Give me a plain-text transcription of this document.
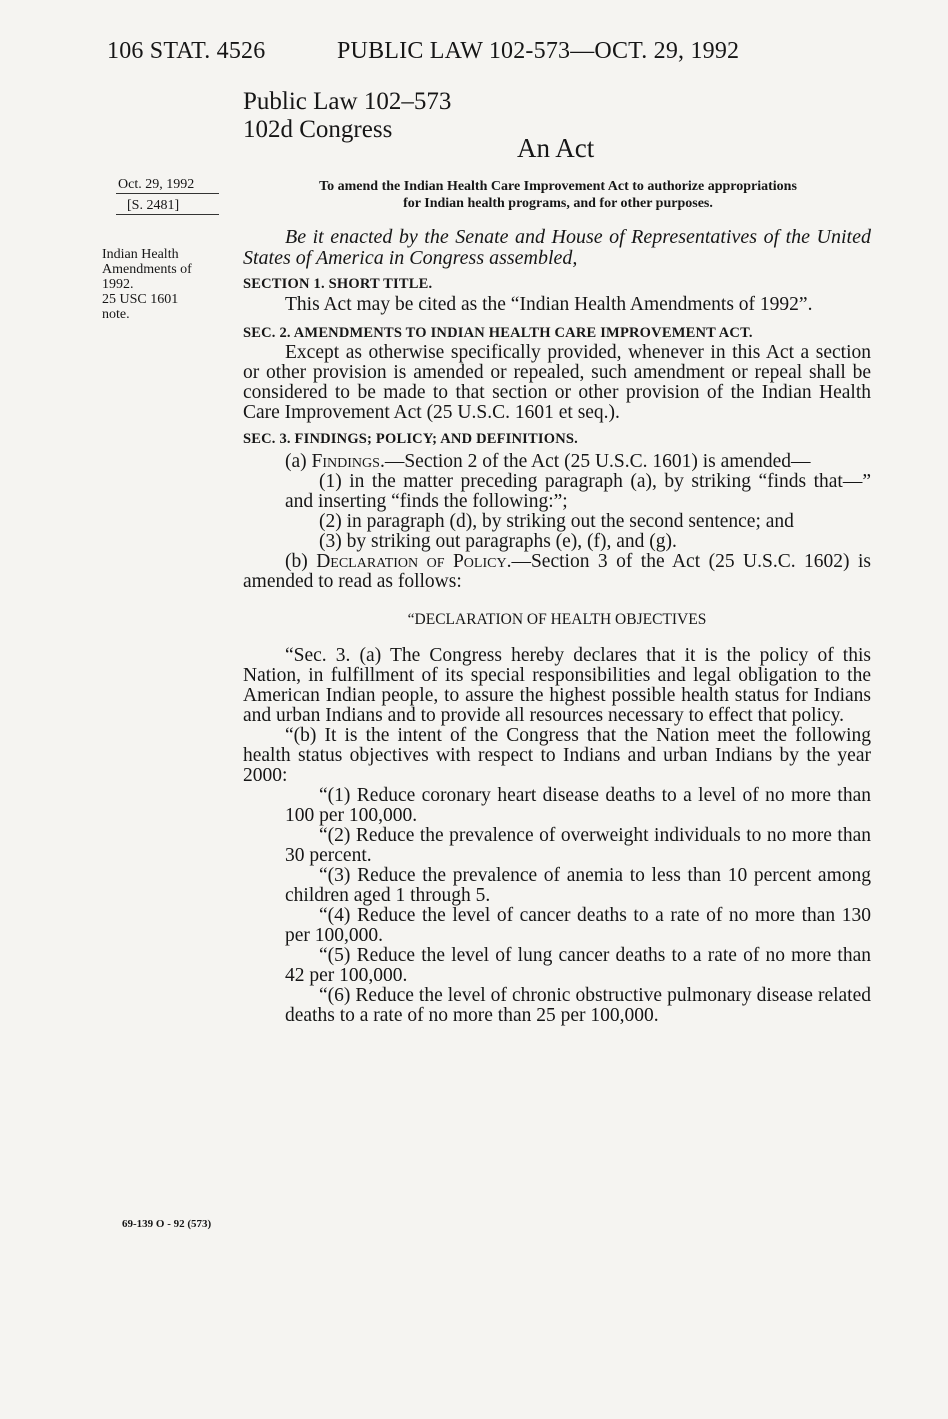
106 STAT. 4526	PUBLIC LAW 102-573—OCT. 29, 1992
Public Law 102–573
102d Congress
An Act
Oct. 29, 1992
[S. 2481]
Indian Health
Amendments of
1992.
25 USC 1601
note.
To amend the Indian Health Care Improvement Act to authorize appropriations
for Indian health programs, and for other purposes.

Be it enacted by the Senate and House of Representatives of the United States of America in Congress assembled,

SECTION 1. SHORT TITLE.

This Act may be cited as the “Indian Health Amendments of 1992”.

SEC. 2. AMENDMENTS TO INDIAN HEALTH CARE IMPROVEMENT ACT.

Except as otherwise specifically provided, whenever in this Act a section or other provision is amended or repealed, such amendment or repeal shall be considered to be made to that section or other provision of the Indian Health Care Improvement Act (25 U.S.C. 1601 et seq.).

SEC. 3. FINDINGS; POLICY; AND DEFINITIONS.

(a) Findings.—Section 2 of the Act (25 U.S.C. 1601) is amended—

(1) in the matter preceding paragraph (a), by striking “finds that—” and inserting “finds the following:”;

(2) in paragraph (d), by striking out the second sentence; and

(3) by striking out paragraphs (e), (f), and (g).

(b) Declaration of Policy.—Section 3 of the Act (25 U.S.C. 1602) is amended to read as follows:

“DECLARATION OF HEALTH OBJECTIVES

“Sec. 3. (a) The Congress hereby declares that it is the policy of this Nation, in fulfillment of its special responsibilities and legal obligation to the American Indian people, to assure the highest possible health status for Indians and urban Indians and to provide all resources necessary to effect that policy.

“(b) It is the intent of the Congress that the Nation meet the following health status objectives with respect to Indians and urban Indians by the year 2000:

“(1) Reduce coronary heart disease deaths to a level of no more than 100 per 100,000.

“(2) Reduce the prevalence of overweight individuals to no more than 30 percent.

“(3) Reduce the prevalence of anemia to less than 10 percent among children aged 1 through 5.

“(4) Reduce the level of cancer deaths to a rate of no more than 130 per 100,000.

“(5) Reduce the level of lung cancer deaths to a rate of no more than 42 per 100,000.

“(6) Reduce the level of chronic obstructive pulmonary disease related deaths to a rate of no more than 25 per 100,000.

69-139 O - 92 (573)
